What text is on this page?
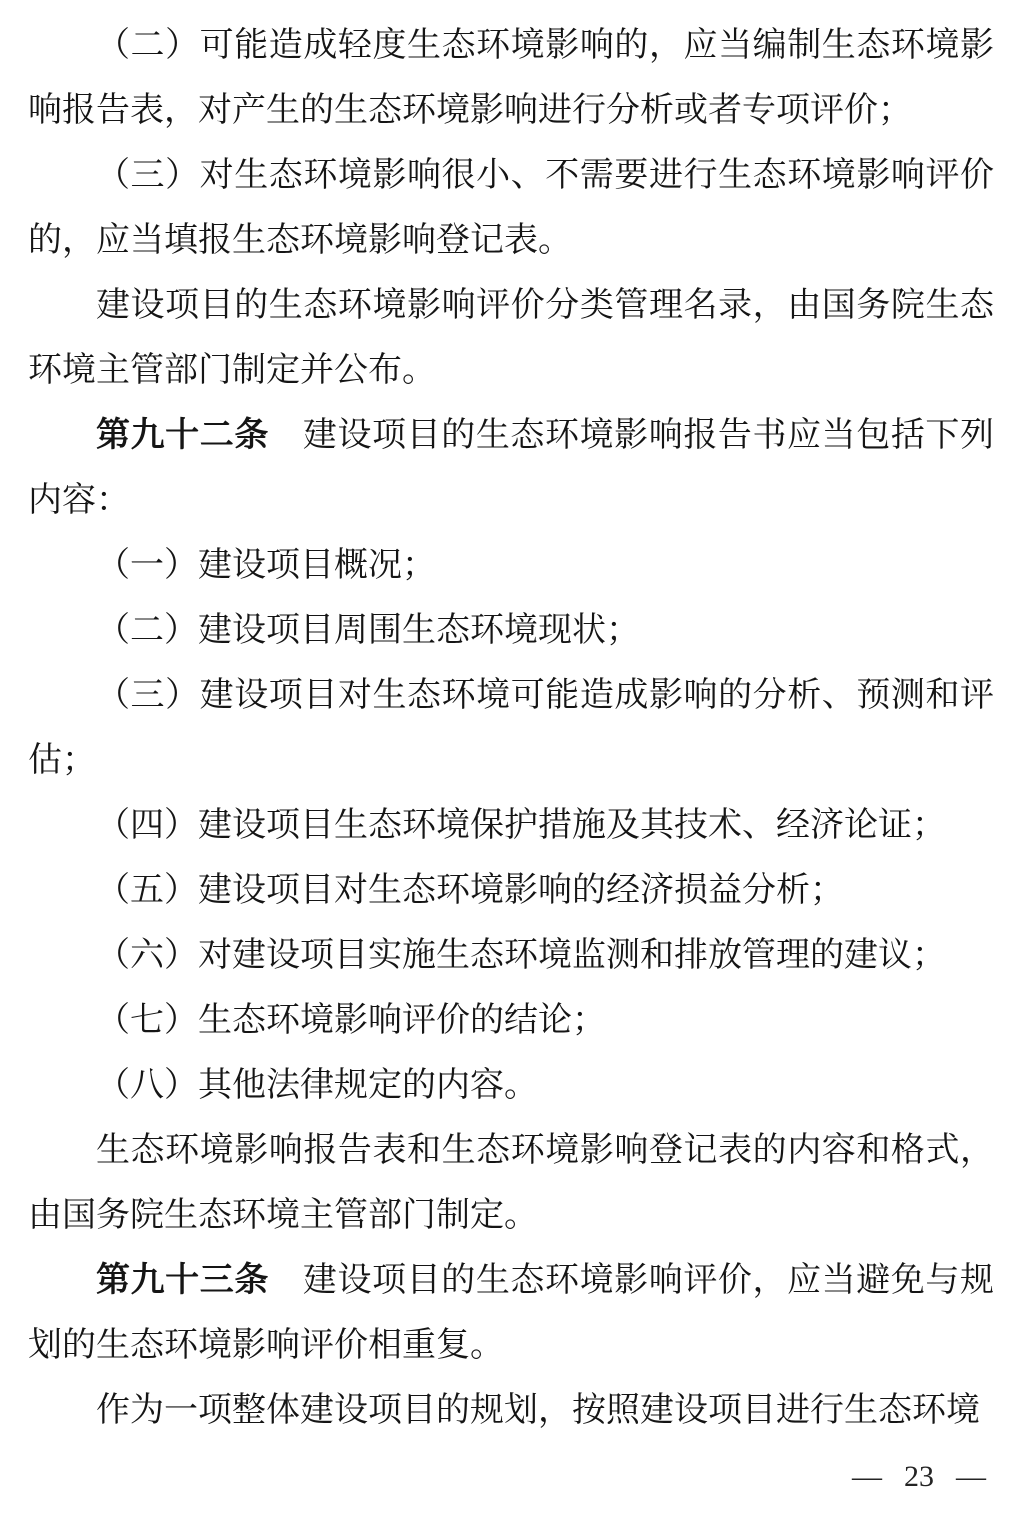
（二）可能造成轻度生态环境影响的，应当编制生态环境影响报告表，对产生的生态环境影响进行分析或者专项评价；

（三）对生态环境影响很小、不需要进行生态环境影响评价的，应当填报生态环境影响登记表。

建设项目的生态环境影响评价分类管理名录，由国务院生态环境主管部门制定并公布。

第九十二条 建设项目的生态环境影响报告书应当包括下列内容：

（一）建设项目概况；

（二）建设项目周围生态环境现状；

（三）建设项目对生态环境可能造成影响的分析、预测和评估；

（四）建设项目生态环境保护措施及其技术、经济论证；

（五）建设项目对生态环境影响的经济损益分析；

（六）对建设项目实施生态环境监测和排放管理的建议；

（七）生态环境影响评价的结论；

（八）其他法律规定的内容。

生态环境影响报告表和生态环境影响登记表的内容和格式，由国务院生态环境主管部门制定。

第九十三条 建设项目的生态环境影响评价，应当避免与规划的生态环境影响评价相重复。

作为一项整体建设项目的规划，按照建设项目进行生态环境

— 23 —
